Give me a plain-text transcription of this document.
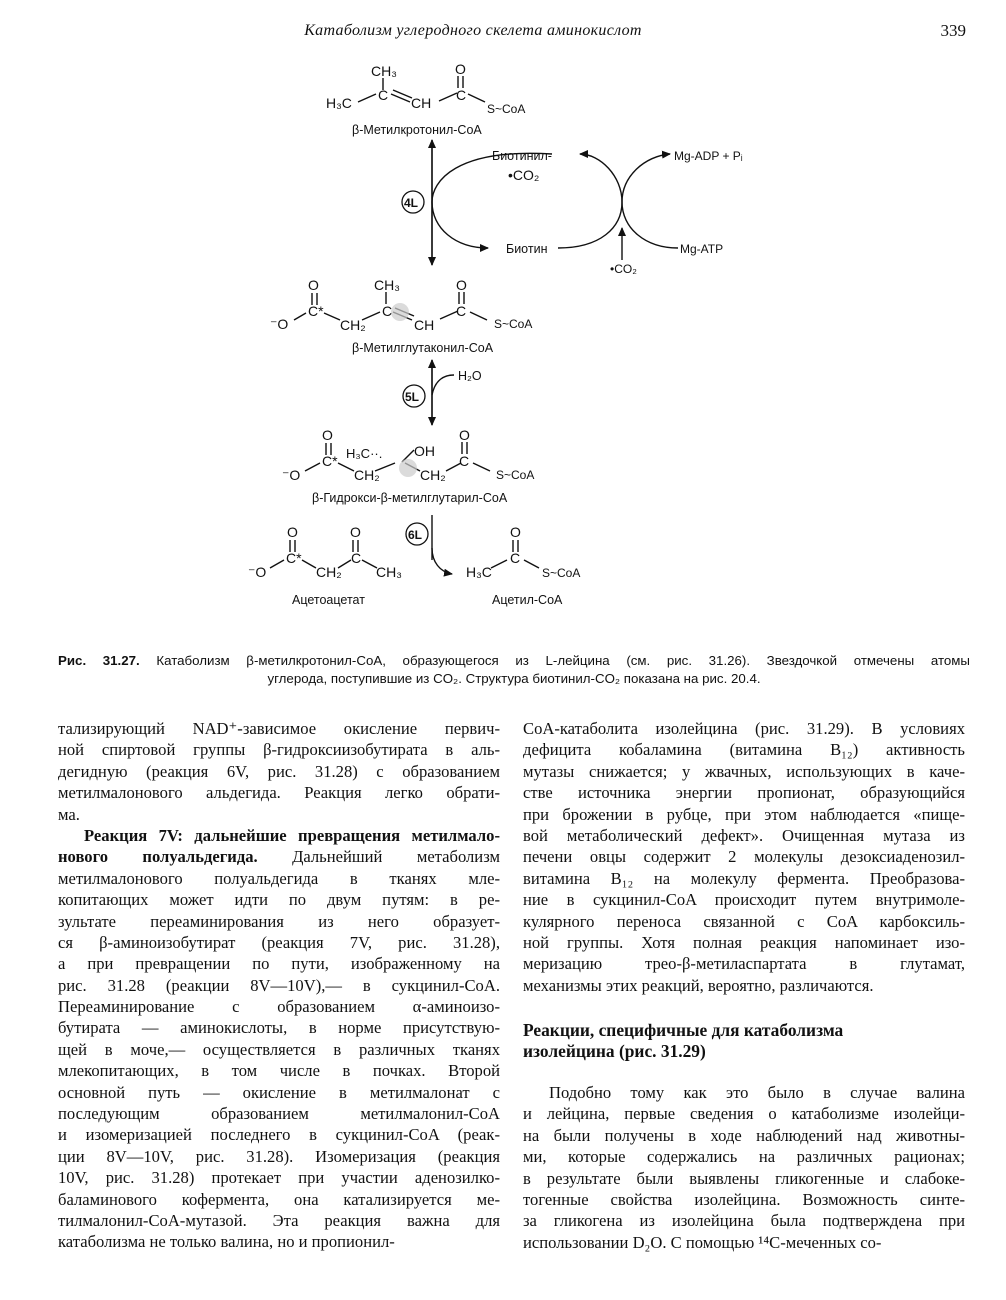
Катаболизм углеродного скелета аминокислот	339
CH₃
C
H₃C	CH
O
C
S~CoA
β-Метилкротонил-CoA
4L
Биотинил-
•CO₂
Биотин
Mg-ADP + Pᵢ
Mg-ATP
•CO₂
O	CH₃	O
⁻O
C*
CH₂
C
CH
C
S~CoA
β-Метилглутаконил-CoA
5L
H₂O
O	O
H₃C··. OH
⁻O
C*
CH₂	CH₂
C
S~CoA
β-Гидрокси-β-метилглутарил-CoA
6L
O	O
⁻O
C*
CH₂
C
CH₃
Ацетоацетат
O
H₃C
C
S~CoA
Ацетил-CoA
Рис. 31.27. Катаболизм β-метилкротонил-CoA, образующегося из L-лейцина (см. рис. 31.26). Звездочкой отмечены атомы
углерода, поступившие из CO₂. Структура биотинил-CO₂ показана на рис. 20.4.
тализирующий NAD⁺-зависимое окисление первич-
ной спиртовой группы β-гидроксиизобутирата в аль-
дегидную (реакция 6V, рис. 31.28) с образованием
метилмалонового альдегида. Реакция легко обрати-
ма.
Реакция 7V: дальнейшие превращения метилмало-
нового полуальдегида. Дальнейший метаболизм
метилмалонового полуальдегида в тканях мле-
копитающих может идти по двум путям: в ре-
зультате переаминирования из него образует-
ся β-аминоизобутират (реакция 7V, рис. 31.28),
а при превращении по пути, изображенному на
рис. 31.28 (реакции 8V—10V),— в сукцинил-CoA.
Переаминирование с образованием α-аминоизо-
бутирата — аминокислоты, в норме присутствую-
щей в моче,— осуществляется в различных тканях
млекопитающих, в том числе в почках. Второй
основной путь — окисление в метилмалонат с
последующим образованием метилмалонил-CoA
и изомеризацией последнего в сукцинил-CoA (реак-
ции 8V—10V, рис. 31.28). Изомеризация (реакция
10V, рис. 31.28) протекает при участии аденозилко-
баламинового кофермента, она катализируется ме-
тилмалонил-CoA-мутазой. Эта реакция важна для
катаболизма не только валина, но и пропионил-
CoA-катаболита изолейцина (рис. 31.29). В условиях
дефицита кобаламина (витамина B₁₂) активность
мутазы снижается; у жвачных, использующих в каче-
стве источника энергии пропионат, образующийся
при брожении в рубце, при этом наблюдается «пище-
вой метаболический дефект». Очищенная мутаза из
печени овцы содержит 2 молекулы дезоксиаденозил-
витамина B₁₂ на молекулу фермента. Преобразова-
ние в сукцинил-CoA происходит путем внутримоле-
кулярного переноса связанной с CoA карбоксиль-
ной группы. Хотя полная реакция напоминает изо-
меризацию трео-β-метиласпартата в глутамат,
механизмы этих реакций, вероятно, различаются.
Реакции, специфичные для катаболизма
изолейцина (рис. 31.29)
Подобно тому как это было в случае валина
и лейцина, первые сведения о катаболизме изолейци-
на были получены в ходе наблюдений над животны-
ми, которые содержались на различных рационах;
в результате были выявлены гликогенные и слабоке-
тогенные свойства изолейцина. Возможность синте-
за гликогена из изолейцина была подтверждена при
использовании D₂O. С помощью ¹⁴C-меченных со-
